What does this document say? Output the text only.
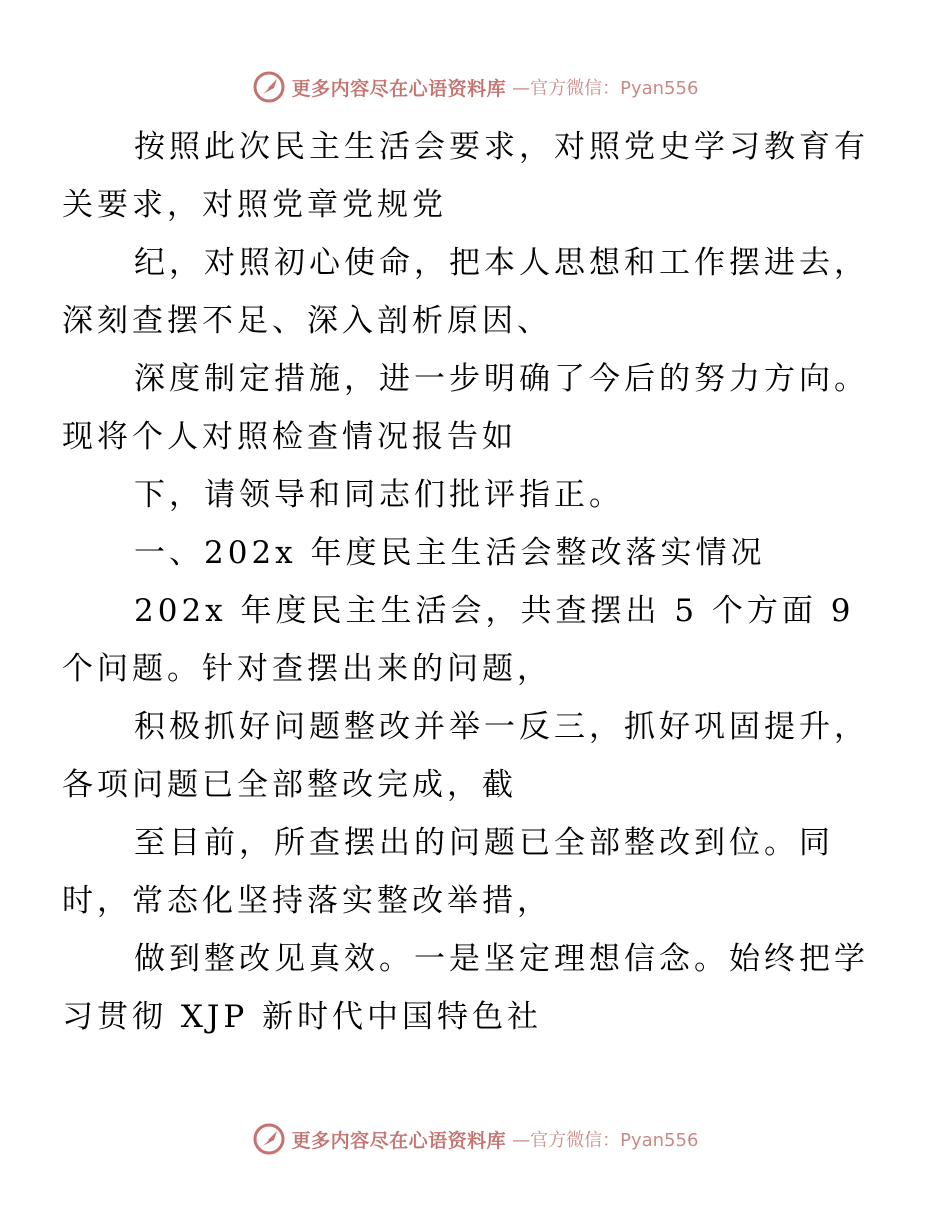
更多内容尽在心语资料库 —官方微信：Pyan556

按照此次民主生活会要求，对照党史学习教育有
关要求，对照党章党规党

纪，对照初心使命，把本人思想和工作摆进去，
深刻查摆不足、深入剖析原因、

深度制定措施，进一步明确了今后的努力方向。
现将个人对照检查情况报告如

下，请领导和同志们批评指正。

一、202x 年度民主生活会整改落实情况

202x 年度民主生活会，共查摆出 5 个方面 9
个问题。针对查摆出来的问题，

积极抓好问题整改并举一反三，抓好巩固提升，
各项问题已全部整改完成，截

至目前，所查摆出的问题已全部整改到位。同
时，常态化坚持落实整改举措，

做到整改见真效。一是坚定理想信念。始终把学
习贯彻 XJP 新时代中国特色社

更多内容尽在心语资料库 —官方微信：Pyan556
